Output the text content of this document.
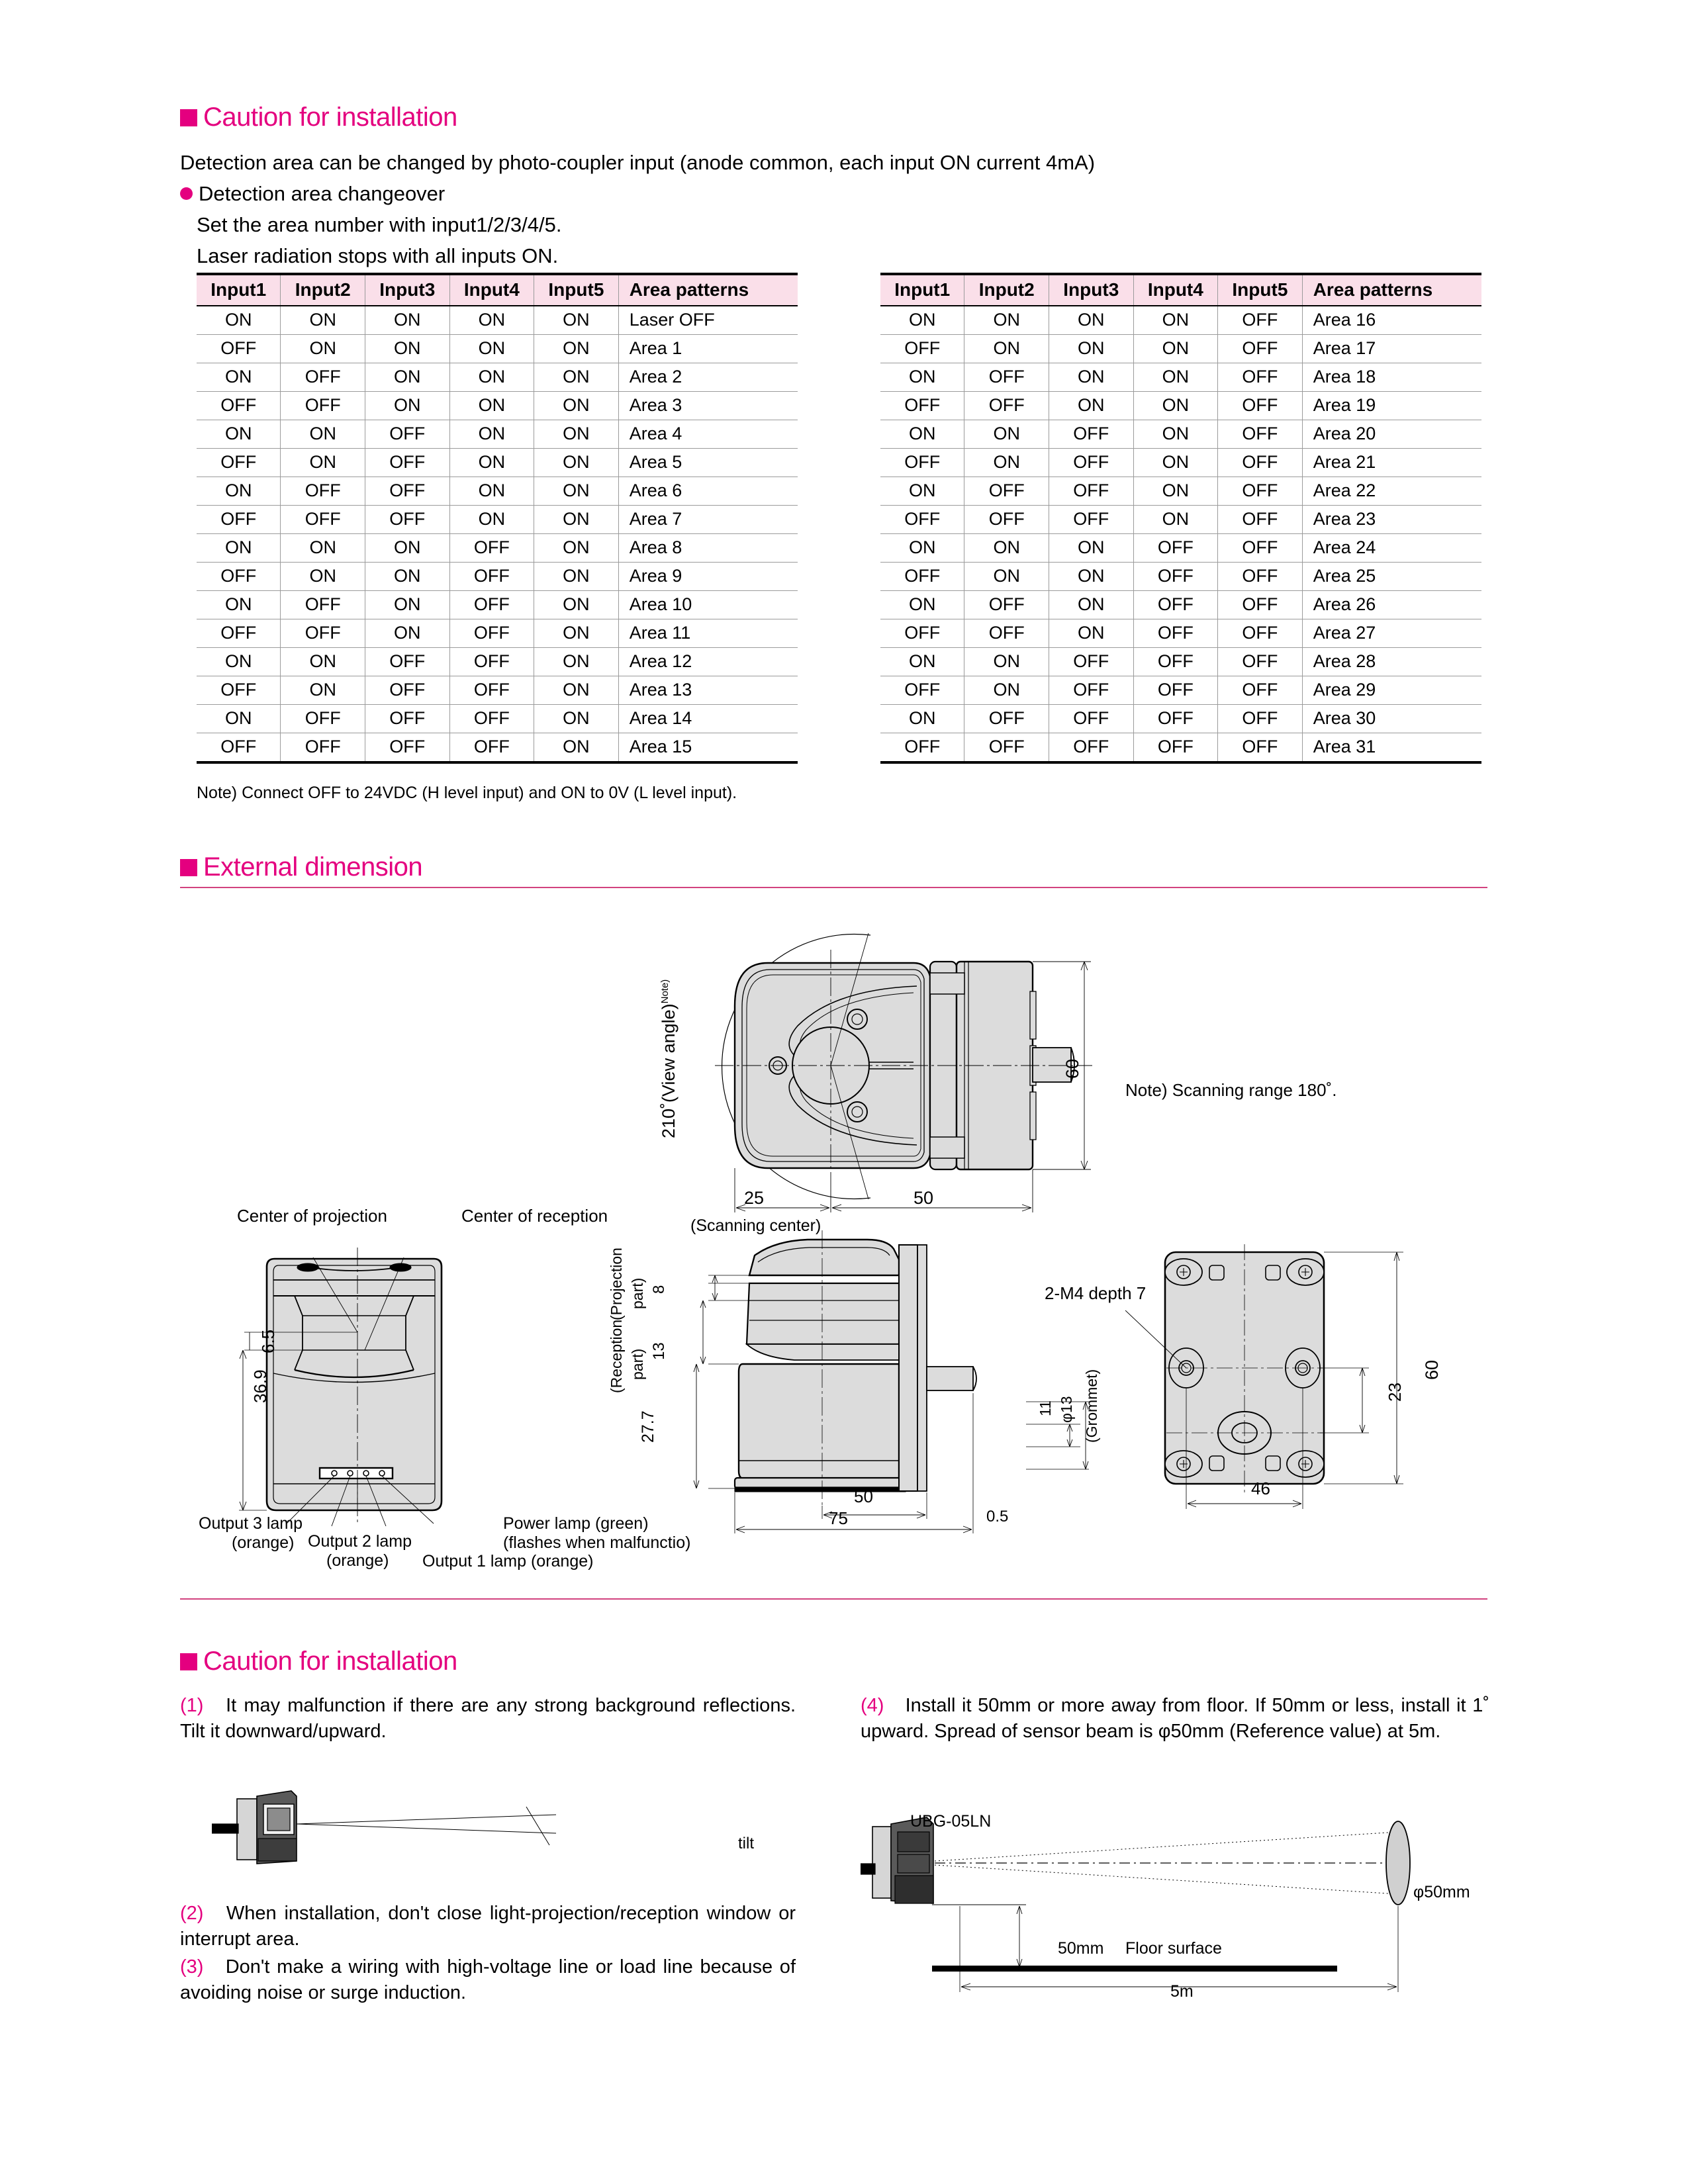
Caution for installation
Detection area can be changed by photo-coupler input (anode common, each input ON current 4mA)
Detection area changeover
Set the area number with input1/2/3/4/5.
Laser radiation stops with all inputs ON.
Input1	Input2	Input3	Input4	Input5	Area patterns
ON	ON	ON	ON	ON	Laser OFF
OFF	ON	ON	ON	ON	Area 1
ON	OFF	ON	ON	ON	Area 2
OFF	OFF	ON	ON	ON	Area 3
ON	ON	OFF	ON	ON	Area 4
OFF	ON	OFF	ON	ON	Area 5
ON	OFF	OFF	ON	ON	Area 6
OFF	OFF	OFF	ON	ON	Area 7
ON	ON	ON	OFF	ON	Area 8
OFF	ON	ON	OFF	ON	Area 9
ON	OFF	ON	OFF	ON	Area 10
OFF	OFF	ON	OFF	ON	Area 11
ON	ON	OFF	OFF	ON	Area 12
OFF	ON	OFF	OFF	ON	Area 13
ON	OFF	OFF	OFF	ON	Area 14
OFF	OFF	OFF	OFF	ON	Area 15
Input1	Input2	Input3	Input4	Input5	Area patterns
ON	ON	ON	ON	OFF	Area 16
OFF	ON	ON	ON	OFF	Area 17
ON	OFF	ON	ON	OFF	Area 18
OFF	OFF	ON	ON	OFF	Area 19
ON	ON	OFF	ON	OFF	Area 20
OFF	ON	OFF	ON	OFF	Area 21
ON	OFF	OFF	ON	OFF	Area 22
OFF	OFF	OFF	ON	OFF	Area 23
ON	ON	ON	OFF	OFF	Area 24
OFF	ON	ON	OFF	OFF	Area 25
ON	OFF	ON	OFF	OFF	Area 26
OFF	OFF	ON	OFF	OFF	Area 27
ON	ON	OFF	OFF	OFF	Area 28
OFF	ON	OFF	OFF	OFF	Area 29
ON	OFF	OFF	OFF	OFF	Area 30
OFF	OFF	OFF	OFF	OFF	Area 31
Note) Connect OFF to 24VDC (H level input) and ON to 0V (L level input).
External dimension
210˚(View angle)$^{Note)}$
60
25	50
(Scanning center)
Note) Scanning range 180˚.
Center of projection	Center of reception
6.5
36.9
Output 3 lamp
(orange) Output 2 lamp
(orange)	Output 1 lamp (orange)
Power lamp (green)
(flashes when malfunctio)
(Projection part) 8
(Reception part) 13
27.7
50
75	0.5
11 φ13 (Grommet)
2-M4 depth 7
60
23
46
Caution for installation
(1) It may malfunction if there are any strong background reflections. Tilt it downward/upward.
tilt
(2) When installation, don't close light-projection/reception window or interrupt area.
(3) Don't make a wiring with high-voltage line or load line because of avoiding noise or surge induction.
(4) Install it 50mm or more away from floor. If 50mm or less, install it 1˚ upward. Spread of sensor beam is φ50mm (Reference value) at 5m.
UBG-05LN
φ50mm
50mm Floor surface
5m
